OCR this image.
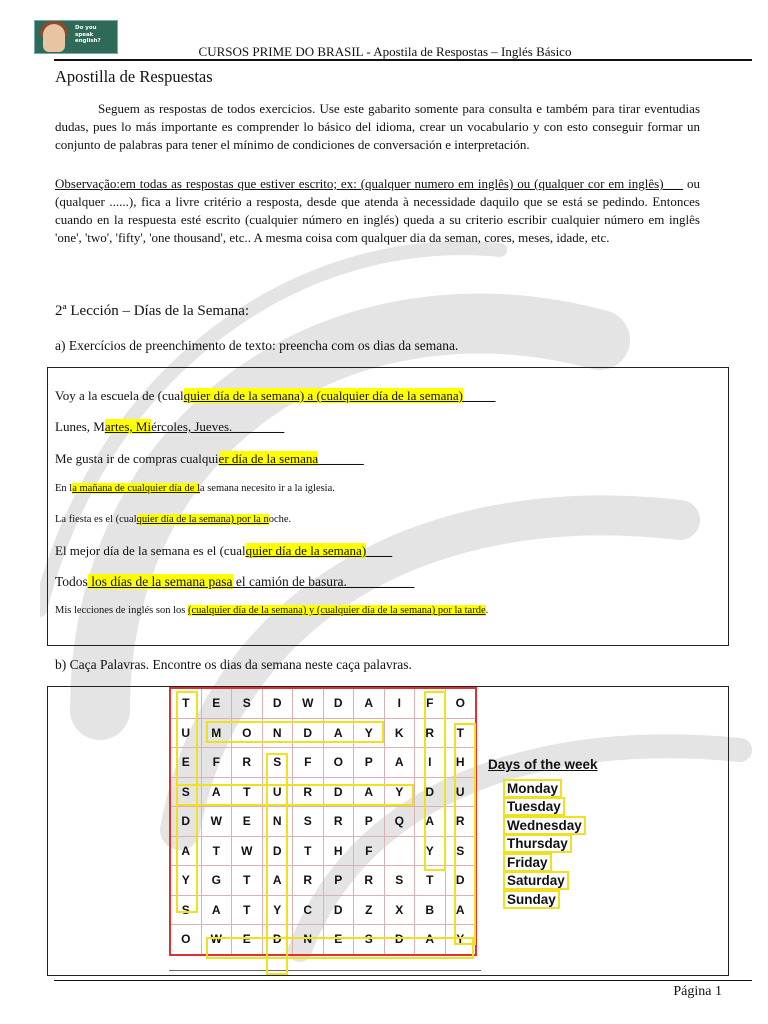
Do you speak english?
CURSOS PRIME DO BRASIL - Apostila de Respostas – Inglés Básico
Apostilla de Respuestas
Seguem as respostas de todos exercicios. Use este gabarito somente para consulta e também para tirar eventudias dudas, pues lo más importante es comprender lo básico del idioma, crear un vocabulario y con esto conseguir formar un conjunto de palabras para tener el mínimo de condiciones de conversación e interpretación.
Observação:em todas as respostas que estiver escrito; ex: (qualquer numero em inglês) ou (qualquer cor em inglês)___ ou (qualquer ......), fica a livre critério a resposta, desde que atenda à necessidade daquilo que se está se pedindo. Entonces cuando en la respuesta esté escrito (cualquier número en inglés) queda a su criterio escribir cualquier número em inglês 'one', 'two', 'fifty', 'one thousand', etc.. A mesma coisa com qualquer dia da seman, cores, meses, idade, etc.
2ª Lección – Días de la Semana:
a) Exercícios de preenchimento de texto: preencha com os dias da semana.
Voy a la escuela de (cualquier día de la semana) a (cualquier día de la semana)_____
Lunes, Martes, Miércoles, Jueves.________
Me gusta ir de compras cualquier día de la semana_______
En la mañana de cualquier día de la semana necesito ir a la iglesia.
La fiesta es el (cualquier día de la semana) por la noche.
El mejor día de la semana es el (cualquier día de la semana)____
Todos los días de la semana pasa el camión de basura.__________
Mis lecciones de inglés son los (cualquier día de la semana) y (cualquier día de la semana) por la tarde.
b) Caça Palavras. Encontre os dias da semana neste caça palavras.
T	E	S	D	W	D	A	I	F	O
U	M	O	N	D	A	Y	K	R	T
E	F	R	S	F	O	P	A	I	H
S	A	T	U	R	D	A	Y	D	U
D	W	E	N	S	R	P	Q	A	R
A	T	W	D	T	H	F		Y	S
Y	G	T	A	R	P	R	S	T	D
S	A	T	Y	C	D	Z	X	B	A
O	W	E	D	N	E	S	D	A	Y
Days of the week
Monday
Tuesday
Wednesday
Thursday
Friday
Saturday
Sunday
Página 1
